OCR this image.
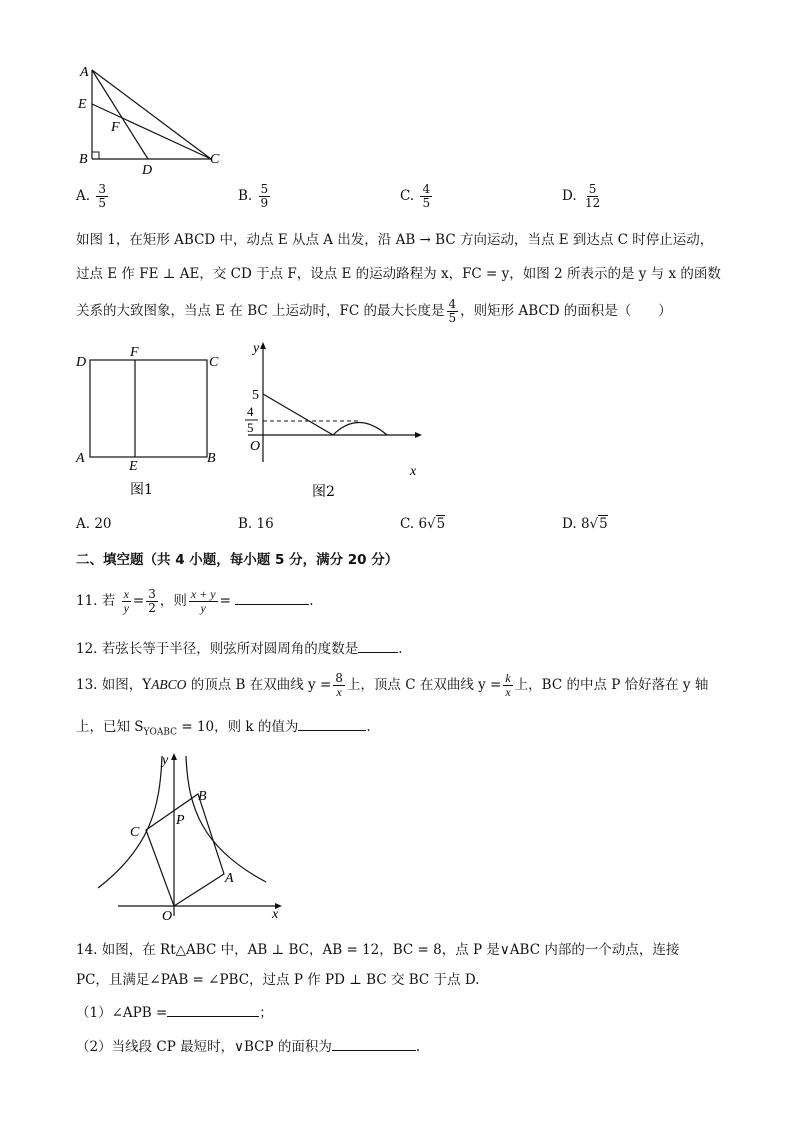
A
E
F
B
D
C
A. $\frac{3}{5}$	B. $\frac{5}{9}$	C. $\frac{4}{5}$	D. $\frac{5}{12}$
如图 1，在矩形 ABCD 中，动点 E 从点 A 出发，沿 AB → BC 方向运动，当点 E 到达点 C 时停止运动，
过点 E 作 FE ⊥ AE，交 CD 于点 F，设点 E 的运动路程为 x，FC = y，如图 2 所表示的是 y 与 x 的函数
关系的大致图象，当点 E 在 BC 上运动时，FC 的最大长度是 $\frac{4}{5}$ ，则矩形 ABCD 的面积是（　　）
D
F
C
A
E
B
图1
y
x
O
5
4
5
图2
A. 20	B. 16	C. 6√5	D. 8√5
二、填空题（共 4 小题，每小题 5 分，满分 20 分）
11. 若 $\frac{x}{y} = \frac{3}{2}$ ，则 $\frac{x + y}{y}$ =	.
12. 若弦长等于半径，则弦所对圆周角的度数是	.
13. 如图，YABCO 的顶点 B 在双曲线 $y = \frac{8}{x}$ 上，顶点 C 在双曲线 $y = \frac{k}{x}$ 上，BC 的中点 P 恰好落在 y 轴
上，已知 $S_{YOABC} = 10$，则 k 的值为	.
y
x
O
A
B
C
P
14. 如图，在 Rt△ABC 中，AB ⊥ BC，AB = 12，BC = 8，点 P 是∨ABC 内部的一个动点，连接
PC，且满足∠PAB = ∠PBC，过点 P 作 PD ⊥ BC 交 BC 于点 D.
（1）∠APB =	；
（2）当线段 CP 最短时，∨BCP 的面积为	.
